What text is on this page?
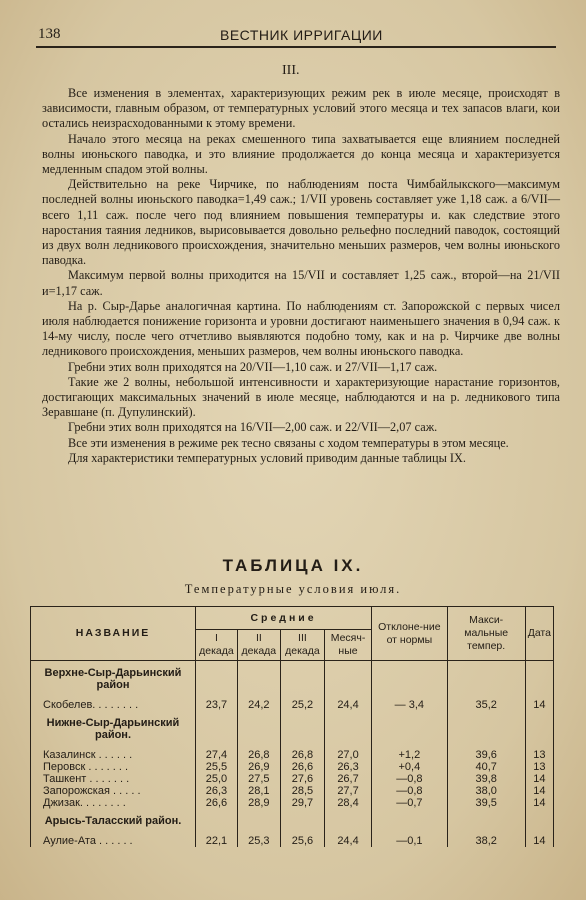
138	ВЕСТНИК ИРРИГАЦИИ
III.

Все изменения в элементах, характеризующих режим рек в июле месяце, происходят в зависимости, главным образом, от температурных условий этого месяца и тех запасов влаги, кои остались неизрасходованными к этому времени.

Начало этого месяца на реках смешенного типа захватывается еще влиянием последней волны июньского паводка, и это влияние продолжается до конца месяца и характеризуется медленным спадом этой волны.

Действительно на реке Чирчике, по наблюдениям поста Чимбайлыкского—максимум последней волны июньского паводка=1,49 саж.; 1/VII уровень составляет уже 1,18 саж. а 6/VII—всего 1,11 саж. после чего под влиянием повышения температуры и. как следствие этого наростания таяния ледников, вырисовывается довольно рельефно последний паводок, состоящий из двух волн ледникового происхождения, значительно меньших размеров, чем волны июньского паводка.

Максимум первой волны приходится на 15/VII и составляет 1,25 саж., второй—на 21/VII и=1,17 саж.

На р. Сыр-Дарье аналогичная картина. По наблюдениям ст. Запорожской с первых чисел июля наблюдается понижение горизонта и уровни достигают наименьшего значения в 0,94 саж. к 14-му числу, после чего отчетливо выявляются подобно тому, как и на р. Чирчике две волны ледникового происхождения, меньших размеров, чем волны июньского паводка.

Гребни этих волн приходятся на 20/VII—1,10 саж. и 27/VII—1,17 саж.

Такие же 2 волны, небольшой интенсивности и характеризующие нарастание горизонтов, достигающих максимальных значений в июле месяце, наблюдаются и на р. ледникового типа Зеравшане (п. Дупулинский).

Гребни этих волн приходятся на 16/VII—2,00 саж. и 22/VII—2,07 саж.

Все эти изменения в режиме рек тесно связаны с ходом температуры в этом месяце.

Для характеристики температурных условий приводим данные таблицы IX.

ТАБЛИЦА IX.
Температурные условия июля.
НАЗВАНИЕ	Средние				Отклоне-ние от нормы	Макси-мальные темпер.	Дата
	I декада	II декада	III декада	Месяч-ные			
Верхне-Сыр-Дарьинский район							

Скобелев. . . . . . . .	23,7	24,2	25,2	24,4	— 3,4	35,2	14
Нижне-Сыр-Дарьинский район.							

Казалинск . . . . . .	27,4	26,8	26,8	27,0	+1,2	39,6	13
Перовск . . . . . . .	25,5	26,9	26,6	26,3	+0,4	40,7	13
Ташкент . . . . . . .	25,0	27,5	27,6	26,7	—0,8	39,8	14
Запорожская . . . . .	26,3	28,1	28,5	27,7	—0,8	38,0	14
Джизак. . . . . . . .	26,6	28,9	29,7	28,4	—0,7	39,5	14
Арысь-Таласский район.							

Аулие-Ата . . . . . .	22,1	25,3	25,6	24,4	—0,1	38,2	14
